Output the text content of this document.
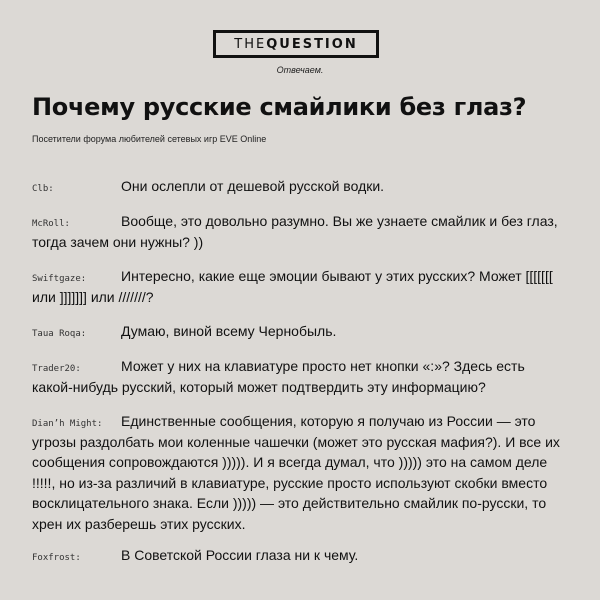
THE QUESTION
Отвечаем.
Почему русские смайлики без глаз?
Посетители форума любителей сетевых игр EVE Online
Clb:	Они ослепли от дешевой русской водки.
McRoll:	Вообще, это довольно разумно. Вы же узнаете смайлик и без глаз, тогда зачем они нужны? ))
Swiftgaze: Интересно, какие еще эмоции бывают у этих русских? Может [[[[[[[ или ]]]]]]] или ///////?
Taua Roqa: Думаю, виной всему Чернобыль.
Trader20:	Может у них на клавиатуре просто нет кнопки «:»? Здесь есть какой-нибудь русский, который может подтвердить эту информацию?
Dian’h Might: Единственные сообщения, которую я получаю из России — это угрозы раздолбать мои коленные чашечки (может это русская мафия?). И все их сообщения сопровождаются ))))). И я всегда думал, что ))))) это на самом деле !!!!!, но из-за различий в клавиатуре, русские просто используют скобки вместо восклицательного знака. Если ))))) — это действительно смайлик по-русски, то хрен их разберешь этих русских.
Foxfrost:	В Советской России глаза ни к чему.
